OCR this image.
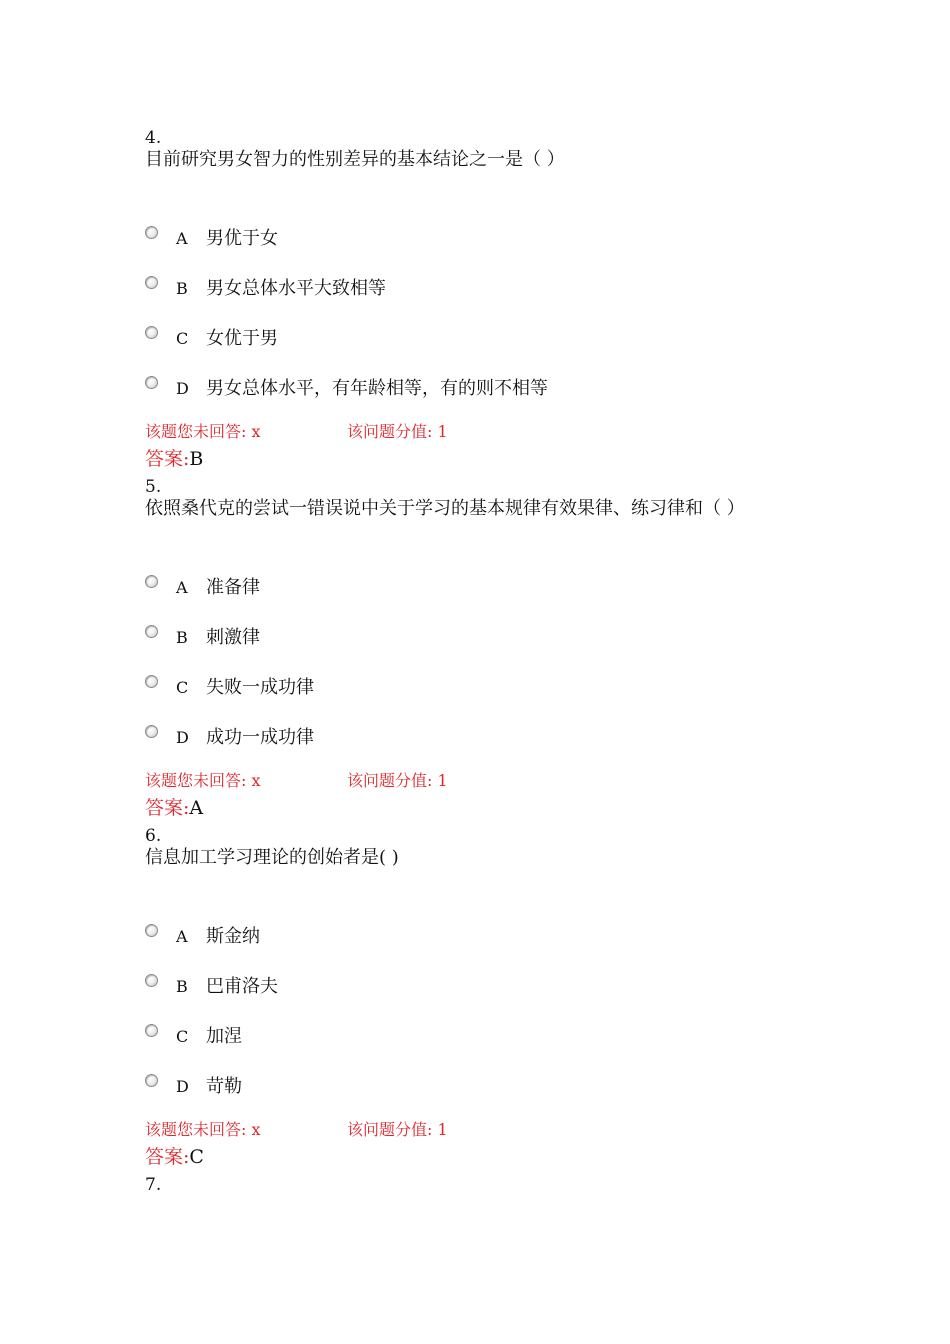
4.
目前研究男女智力的性别差异的基本结论之一是（ ）
A 男优于女
B 男女总体水平大致相等
C 女优于男
D 男女总体水平，有年龄相等，有的则不相等
该题您未回答: x	该问题分值: 1
答案:B
5.
依照桑代克的尝试一错误说中关于学习的基本规律有效果律、练习律和（ ）
A 准备律
B 刺激律
C 失败一成功律
D 成功一成功律
该题您未回答: x	该问题分值: 1
答案:A
6.
信息加工学习理论的创始者是( )
A 斯金纳
B 巴甫洛夫
C 加涅
D 苛勒
该题您未回答: x	该问题分值: 1
答案:C
7.
